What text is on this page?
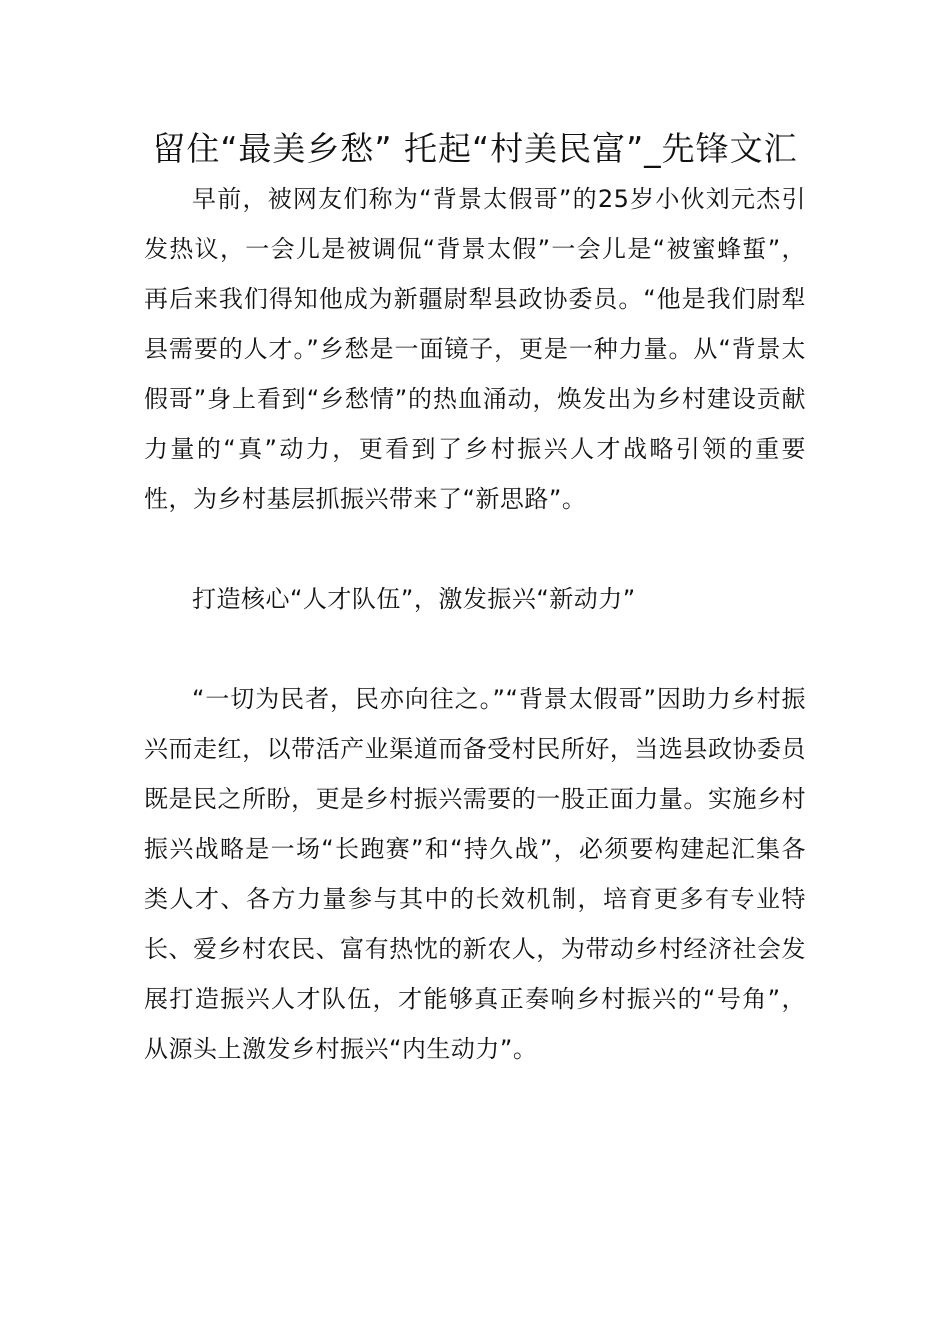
留住“最美乡愁” 托起“村美民富”_先锋文汇

早前，被网友们称为“背景太假哥”的25岁小伙刘元杰引发热议，一会儿是被调侃“背景太假”一会儿是“被蜜蜂蜇”，再后来我们得知他成为新疆尉犁县政协委员。“他是我们尉犁县需要的人才。”乡愁是一面镜子，更是一种力量。从“背景太假哥”身上看到“乡愁情”的热血涌动，焕发出为乡村建设贡献力量的“真”动力，更看到了乡村振兴人才战略引领的重要性，为乡村基层抓振兴带来了“新思路”。

打造核心“人才队伍”，激发振兴“新动力”

“一切为民者，民亦向往之。”“背景太假哥”因助力乡村振兴而走红，以带活产业渠道而备受村民所好，当选县政协委员既是民之所盼，更是乡村振兴需要的一股正面力量。实施乡村振兴战略是一场“长跑赛”和“持久战”，必须要构建起汇集各类人才、各方力量参与其中的长效机制，培育更多有专业特长、爱乡村农民、富有热忱的新农人，为带动乡村经济社会发展打造振兴人才队伍，才能够真正奏响乡村振兴的“号角”，从源头上激发乡村振兴“内生动力”。
